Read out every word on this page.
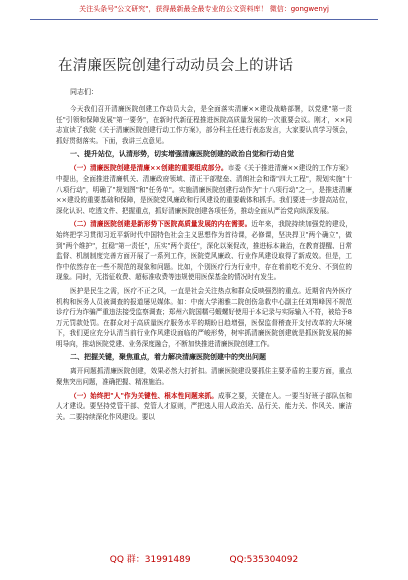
关注头条号"公文研究"，获得最新最全最专业的公文资料库！ 微信：gongwenyj
在清廉医院创建行动动员会上的讲话
同志们：

今天我们召开清廉医院创建工作动员大会，是全面落实清廉××建设战略部署，以党建"第一责任"引领和保障发展"第一要务"，在新时代新征程推进医院高质量发展的一次重要会议。刚才，××同志宣读了我院《关于清廉医院创建行动工作方案》，部分科主任进行表态发言，大家要认真学习领会，抓好贯彻落实。下面，我讲三点意见。

一、提升站位，认清形势，切实增强清廉医院创建的政治自觉和行动自觉

（一）清廉医院创建是清廉××创建的重要组成部分。市委《关于推进清廉××建设的工作方案》中提出，全面推进清廉机关、清廉政府领域、清正干部壁垒、清朗社会和谐"四大工程"，规划实施"十八项行动"，明确了"规划图"和"任务单"。实施清廉医院创建行动作为"十八项行动"之一，是推进清廉××建设的重要基础和保障，是医院党风廉政和行风建设的重要载体和抓手。我们要进一步提高站位，深化认识、吃透文件、把握重点，抓好清廉医院创建各项任务，推动全面从严治党向纵深发展。

（二）清廉医院创建是新形势下医院高质量发展的内在需要。近年来，我院持续加强党的建设，始终把学习贯彻习近平新时代中国特色社会主义思想作为首待课，必修课，坚决捍卫"两个确立"，做到"两个维护"，扛稳"第一责任"，压实"两个责任"，深化以案促改，推进标本兼治，在教育提醒、日常监督、机制制度完善方面开展了一系列工作，医院党风廉政、行业作风建设取得了新成效。但是，工作中依然存在一些不规范的现象和问题。比如，个别医疗行为行业中，存在着前吃不充分、不到位的现象。同时，无指征收费、超标准收费等违规使用医保基金的情况时有发生。

医护是民生之需，医疗不正之风，一直是社会关注热点和群众反映强烈的重点。近期省内外医疗机构和医务人员被调查的报道屡见媒体。如：中南大学湘雅二院创伤急救中心副主任刘翔峰因不规范诊疗行为诈骗严重违法接受监察调查；郑州六院国糯弓蝦螺好使用于本记录与实际输入不符，被给予8万元罚款处罚。在群众对于高质量医疗服务水平的期盼日趋增强，医保监督稽查开支付改革的大环境下，我们更应充分认清当前行业作风建设面临的严峻形势，树牢抓清廉医院创建就是抓医院发展的鲜明导向，推动医院党建、业务深度融合，不断加快推进清廉医院创建工作。

二、把握关键，聚焦重点，着力解决清廉医院创建中的突出问题

离开问题抓清廉医院创建，效果必然大打折扣。清廉医院建设要抓住主要矛盾的主要方面，重点聚焦突出问题，准确把握、精准施治。

（一）始终把"人"作为关键性、根本性问题来抓。成事之要，关键在人。一要当好班子部队伍和人才建设。要坚持党管干部、党管人才原则，严把选人用人政治关、品行关、能力关、作风关、廉洁关。二要持续深化作风建设。要以

QQ 群：31991489	QQ:535304092
